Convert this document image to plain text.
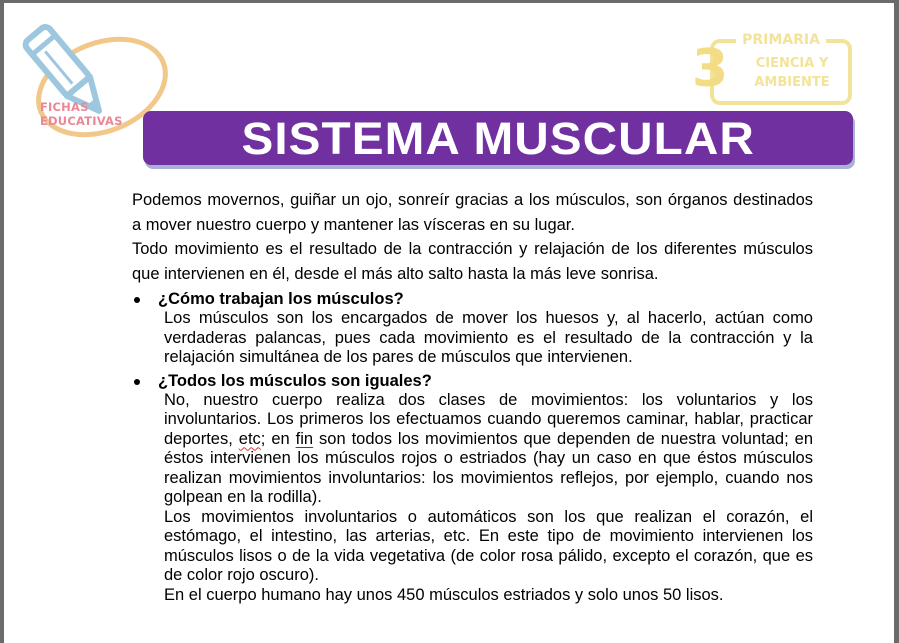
FICHAS
EDUCATIVAS
3 PRIMARIA
CIENCIA Y
AMBIENTE
SISTEMA MUSCULAR

Podemos movernos, guiñar un ojo, sonreír gracias a los músculos, son órganos destinados a mover nuestro cuerpo y mantener las vísceras en su lugar.

Todo movimiento es el resultado de la contracción y relajación de los diferentes músculos que intervienen en él, desde el más alto salto hasta la más leve sonrisa.

¿Cómo trabajan los músculos?

Los músculos son los encargados de mover los huesos y, al hacerlo, actúan como verdaderas palancas, pues cada movimiento es el resultado de la contracción y la relajación simultánea de los pares de músculos que intervienen.

¿Todos los músculos son iguales?

No, nuestro cuerpo realiza dos clases de movimientos: los voluntarios y los involuntarios. Los primeros los efectuamos cuando queremos caminar, hablar, practicar deportes, etc; en fin son todos los movimientos que dependen de nuestra voluntad; en éstos intervienen los músculos rojos o estriados (hay un caso en que éstos músculos realizan movimientos involuntarios: los movimientos reflejos, por ejemplo, cuando nos golpean en la rodilla).

Los movimientos involuntarios o automáticos son los que realizan el corazón, el estómago, el intestino, las arterias, etc. En este tipo de movimiento intervienen los músculos lisos o de la vida vegetativa (de color rosa pálido, excepto el corazón, que es de color rojo oscuro).

En el cuerpo humano hay unos 450 músculos estriados y solo unos 50 lisos.
